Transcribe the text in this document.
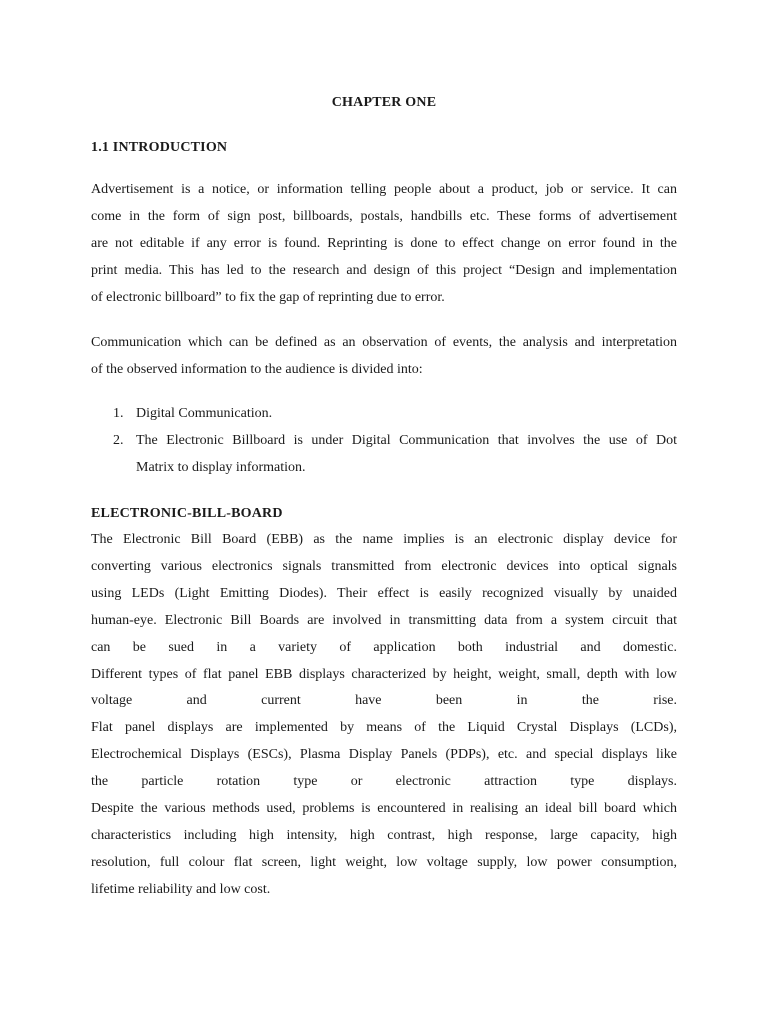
CHAPTER ONE
1.1 INTRODUCTION

Advertisement is a notice, or information telling people about a product, job or service. It can
come in the form of sign post, billboards, postals, handbills etc. These forms of advertisement
are not editable if any error is found. Reprinting is done to effect change on error found in the
print media. This has led to the research and design of this project “Design and implementation
of electronic billboard” to fix the gap of reprinting due to error.

Communication which can be defined as an observation of events, the analysis and interpretation
of the observed information to the audience is divided into:

1. Digital Communication.
2. The Electronic Billboard is under Digital Communication that involves the use of Dot
Matrix to display information.
ELECTRONIC-BILL-BOARD

The Electronic Bill Board (EBB) as the name implies is an electronic display device for
converting various electronics signals transmitted from electronic devices into optical signals
using LEDs (Light Emitting Diodes). Their effect is easily recognized visually by unaided
human-eye. Electronic Bill Boards are involved in transmitting data from a system circuit that
can be sued in a variety of application both industrial and domestic.
Different types of flat panel EBB displays characterized by height, weight, small, depth with low
voltage and current have been in the rise.
Flat panel displays are implemented by means of the Liquid Crystal Displays (LCDs),
Electrochemical Displays (ESCs), Plasma Display Panels (PDPs), etc. and special displays like
the particle rotation type or electronic attraction type displays.
Despite the various methods used, problems is encountered in realising an ideal bill board which
characteristics including high intensity, high contrast, high response, large capacity, high
resolution, full colour flat screen, light weight, low voltage supply, low power consumption,
lifetime reliability and low cost.
